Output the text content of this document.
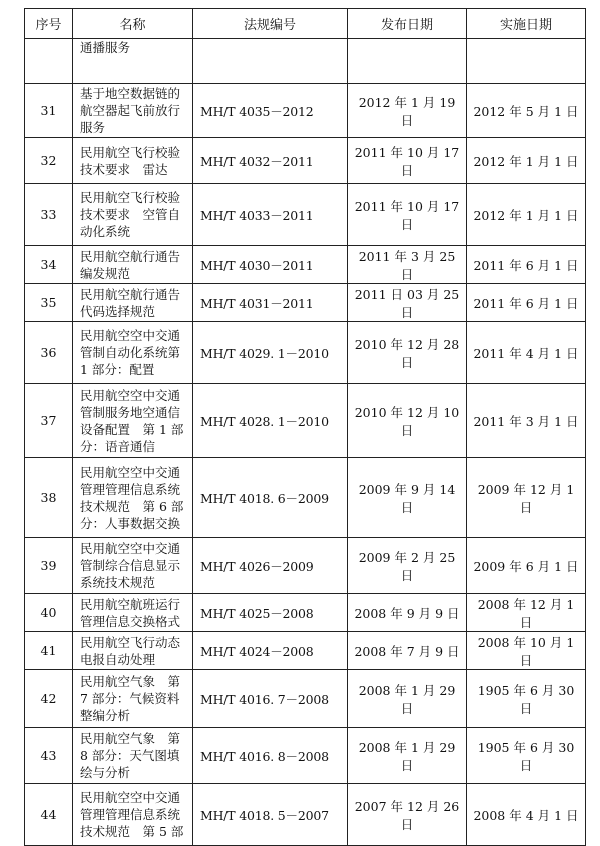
序号	名称	法规编号	发布日期	实施日期
	通播服务			
31	基于地空数据链的航空器起飞前放行服务	MH/T 4035－2012	2012 年 1 月 19 日	2012 年 5 月 1 日
32	民用航空飞行校验技术要求　雷达	MH/T 4032－2011	2011 年 10 月 17 日	2012 年 1 月 1 日
33	民用航空飞行校验技术要求　空管自动化系统	MH/T 4033－2011	2011 年 10 月 17 日	2012 年 1 月 1 日
34	民用航空航行通告编发规范	MH/T 4030－2011	2011 年 3 月 25 日	2011 年 6 月 1 日
35	民用航空航行通告代码选择规范	MH/T 4031－2011	2011 日 03 月 25 日	2011 年 6 月 1 日
36	民用航空空中交通管制自动化系统第 1 部分：配置	MH/T 4029. 1－2010	2010 年 12 月 28 日	2011 年 4 月 1 日
37	民用航空空中交通管制服务地空通信设备配置　第 1 部分：语音通信	MH/T 4028. 1－2010	2010 年 12 月 10 日	2011 年 3 月 1 日
38	民用航空空中交通管理管理信息系统技术规范　第 6 部分：人事数据交换	MH/T 4018. 6－2009	2009 年 9 月 14 日	2009 年 12 月 1 日
39	民用航空空中交通管制综合信息显示系统技术规范	MH/T 4026－2009	2009 年 2 月 25 日	2009 年 6 月 1 日
40	民用航空航班运行管理信息交换格式	MH/T 4025－2008	2008 年 9 月 9 日	2008 年 12 月 1 日
41	民用航空飞行动态电报自动处理	MH/T 4024－2008	2008 年 7 月 9 日	2008 年 10 月 1 日
42	民用航空气象　第 7 部分：气候资料整编分析	MH/T 4016. 7－2008	2008 年 1 月 29 日	1905 年 6 月 30 日
43	民用航空气象　第 8 部分：天气图填绘与分析	MH/T 4016. 8－2008	2008 年 1 月 29 日	1905 年 6 月 30 日
44	民用航空空中交通管理管理信息系统技术规范　第 5 部	MH/T 4018. 5－2007	2007 年 12 月 26 日	2008 年 4 月 1 日
